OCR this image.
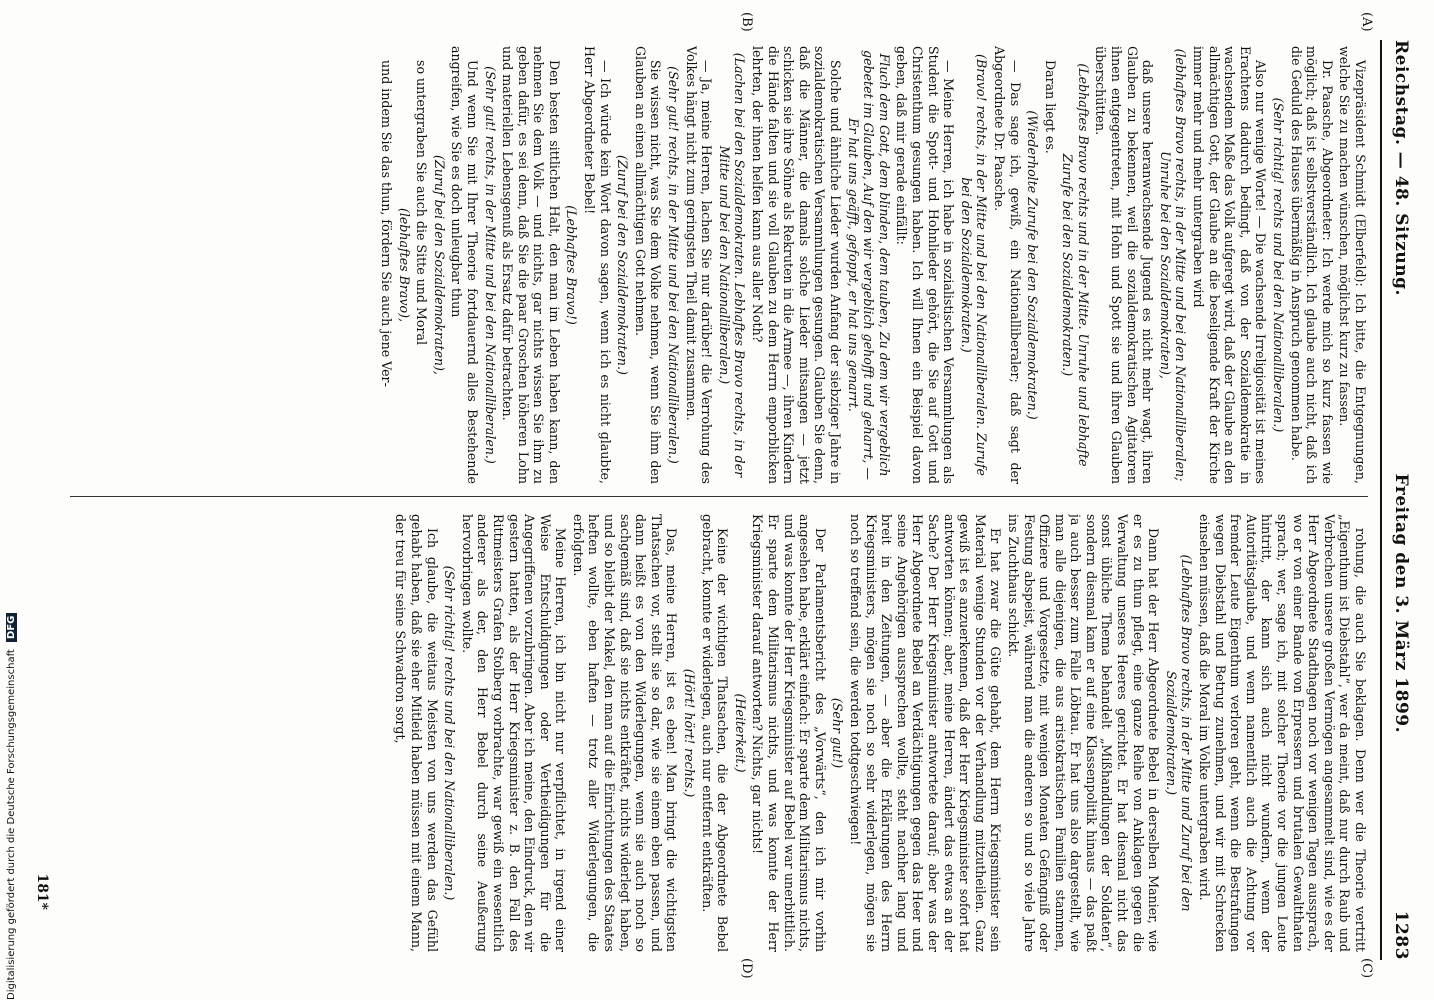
Reichstag. — 48. Sitzung.
Freitag den 3. März 1899.
1283
(A)
(B)
(C)
(D)

Vizepräsident Schmidt (Elberfeld): Ich bitte, die Entgegnungen, welche Sie zu machen wünschen, möglichst kurz zu fassen.

Dr. Paasche, Abgeordneter: Ich werde mich so kurz fassen wie möglich; daß ist selbstverständlich. Ich glaube auch nicht, daß ich die Geduld des Hauses übermäßig in Anspruch genommen habe.

(Sehr richtig! rechts und bei den Nationalliberalen.)

Also nur wenige Worte! — Die wachsende Irreligiosität ist meines Erachtens dadurch bedingt, daß von der Sozialdemokratie in wachsendem Maße das Volk aufgeregt wird, daß der Glaube an den allmächtigen Gott, der Glaube an die beseligende Kraft der Kirche immer mehr und mehr untergraben wird

(lebhaftes Bravo rechts, in der Mitte und bei den Nationalliberalen; Unruhe bei den Sozialdemokraten),

daß unsere heranwachsende Jugend es nicht mehr wagt, ihren Glauben zu bekennen, weil die sozialdemokratischen Agitatoren ihnen entgegentreten, mit Hohn und Spott sie und ihren Glauben überschütten.

(Lebhaftes Bravo rechts und in der Mitte. Unruhe und lebhafte Zurufe bei den Sozialdemokraten.)

Daran liegt es.

(Wiederholte Zurufe bei den Sozialdemokraten.)

— Das sage ich, gewiß, ein Nationalliberaler; daß sagt der Abgeordnete Dr. Paasche.

(Bravo! rechts, in der Mitte und bei den Nationalliberalen. Zurufe bei den Sozialdemokraten.)

— Meine Herren, ich habe in sozialistischen Versammlungen als Student die Spott- und Hohnlieder gehört, die Sie auf Gott und Christenthum gesungen haben. Ich will Ihnen ein Beispiel davon geben, daß mir gerade einfällt:

Fluch dem Gott, dem blinden, dem tauben, Zu dem wir vergeblich gebetet im Glauben, Auf den wir vergeblich gehofft und geharrt, — Er hat uns geäfft, gefoppt, er hat uns genarrt.

Solche und ähnliche Lieder wurden Anfang der siebziger Jahre in sozialdemokratischen Versammlungen gesungen. Glauben Sie denn, daß die Männer, die damals solche Lieder mitsangen — jetzt schicken sie ihre Söhne als Rekruten in die Armee —, ihren Kindern die Hände falten und sie voll Glauben zu dem Herrn emporblicken lehrten, der ihnen helfen kann aus aller Noth?

(Lachen bei den Sozialdemokraten. Lebhaftes Bravo rechts, in der Mitte und bei den Nationalliberalen.)

— Ja, meine Herren, lachen Sie nur darüber! die Verrohung des Volkes hängt nicht zum geringsten Theil damit zusammen.

(Sehr gut! rechts, in der Mitte und bei den Nationalliberalen.)

Sie wissen nicht, was Sie dem Volke nehmen, wenn Sie ihm den Glauben an einen allmächtigen Gott nehmen.

(Zuruf bei den Sozialdemokraten.)

— Ich würde kein Wort davon sagen, wenn ich es nicht glaubte, Herr Abgeordneter Bebel!

(Lebhaftes Bravo!)

Den besten sittlichen Halt, den man im Leben haben kann, den nehmen Sie dem Volk — und nichts, gar nichts wissen Sie ihm zu geben dafür, es sei denn, daß Sie die paar Groschen höheren Lohn und materiellen Lebensgenuß als Ersatz dafür betrachten.

(Sehr gut! rechts, in der Mitte und bei den Nationalliberalen.)

Und wenn Sie mit Ihrer Theorie fortdauernd alles Bestehende angreifen, wie Sie es doch unleugbar thun

(Zuruf bei den Sozialdemokraten),

so untergraben Sie auch die Sitte und Moral

(lebhaftes Bravo),

und indem Sie das thun, fördern Sie auch jene Ver-

rohung, die auch Sie beklagen. Denn wer die Theorie vertritt „Eigenthum ist Diebstahl“, wer da meint, daß nur durch Raub und Verbrechen unsere großen Vermögen angesammelt sind, wie es der Herr Abgeordnete Stadthagen noch vor wenigen Tagen aussprach, wo er von einer Bande von Erpressern und brutalen Gewaltthaten sprach; wer, sage ich, mit solcher Theorie vor die jungen Leute hintritt, der kann sich auch nicht wundern, wenn der Autoritätsglaube, und wenn namentlich auch die Achtung vor fremder Leute Eigenthum verloren geht, wenn die Bestrafungen wegen Diebstahl und Betrug zunehmen, und wir mit Schrecken einsehen müssen, daß die Moral im Volke untergraben wird.

(Lebhaftes Bravo rechts, in der Mitte und Zuruf bei den Sozialdemokraten.)

Dann hat der Herr Abgeordnete Bebel in derselben Manier, wie er es zu thun pflegt, eine ganze Reihe von Anklagen gegen die Verwaltung unseres Heeres gerichtet. Er hat diesmal nicht das sonst übliche Thema behandelt „Mißhandlungen der Soldaten“, sondern diesmal kam er auf eine Klassenpolitik hinaus — das paßt ja auch besser zum Falle Löbtau. Er hat uns also dargestellt, wie man alle diejenigen, die aus aristokratischen Familien stammen, Offiziere und Vorgesetzte, mit wenigen Monaten Gefängniß oder Festung abspeist, während man die anderen so und so viele Jahre ins Zuchthaus schickt.

Er hat zwar die Güte gehabt, dem Herrn Kriegsminister sein Material wenige Stunden vor der Verhandlung mitzutheilen. Ganz gewiß ist es anzuerkennen, daß der Herr Kriegsminister sofort hat antworten können; aber, meine Herren, ändert das etwas an der Sache? Der Herr Kriegsminister antwortete darauf; aber was der Herr Abgeordnete Bebel an Verdächtigungen gegen das Heer und seine Angehörigen aussprechen wollte, steht nachher lang und breit in den Zeitungen, — aber die Erklärungen des Herrn Kriegsministers, mögen sie noch so sehr widerlegen, mögen sie noch so treffend sein, die werden todtgeschwiegen!

(Sehr gut!)

Der Parlamentsbericht des „Vorwärts“, den ich mir vorhin angesehen habe, erklärt einfach: Er sparte dem Militarismus nichts, und was konnte der Herr Kriegsminister auf Bebel war unerbittlich. Er sparte dem Militarismus nichts, und was konnte der Herr Kriegsminister darauf antworten? Nichts, gar nichts!

(Heiterkeit.)

Keine der wichtigen Thatsachen, die der Abgeordnete Bebel gebracht, konnte er widerlegen, auch nur entfernt entkräften.

(Hört! hört! rechts.)

Das, meine Herren, ist es eben! Man bringt die wichtigsten Thatsachen vor, stellt sie so dar, wie sie einem eben passen, und dann heißt es von den Widerlegungen, wenn sie auch noch so sachgemäß sind, daß sie nichts entkräftet, nichts widerlegt haben, und so bleibt der Makel, den man auf die Einrichtungen des Staates heften wollte, eben haften — trotz aller Widerlegungen, die erfolgten.

Meine Herren, ich bin nicht nur verpflichtet, in irgend einer Weise Entschuldigungen oder Vertheidigungen für die Angegriffenen vorzubringen. Aber ich meine, den Eindruck, den wir gestern hatten, als der Herr Kriegsminister z. B. den Fall des Rittmeisters Grafen Stolberg vorbrachte, war gewiß ein wesentlich anderer als der, den Herr Bebel durch seine Aeußerung hervorbringen wollte.

(Sehr richtig! rechts und bei den Nationalliberalen.)

Ich glaube, die weitaus Meisten von uns werden das Gefühl gehabt haben, daß sie eher Mitleid haben müssen mit einem Mann, der treu für seine Schwadron sorgt,

181*
Digitalisierung gefördert durch die Deutsche Forschungsgemeinschaft DFG
